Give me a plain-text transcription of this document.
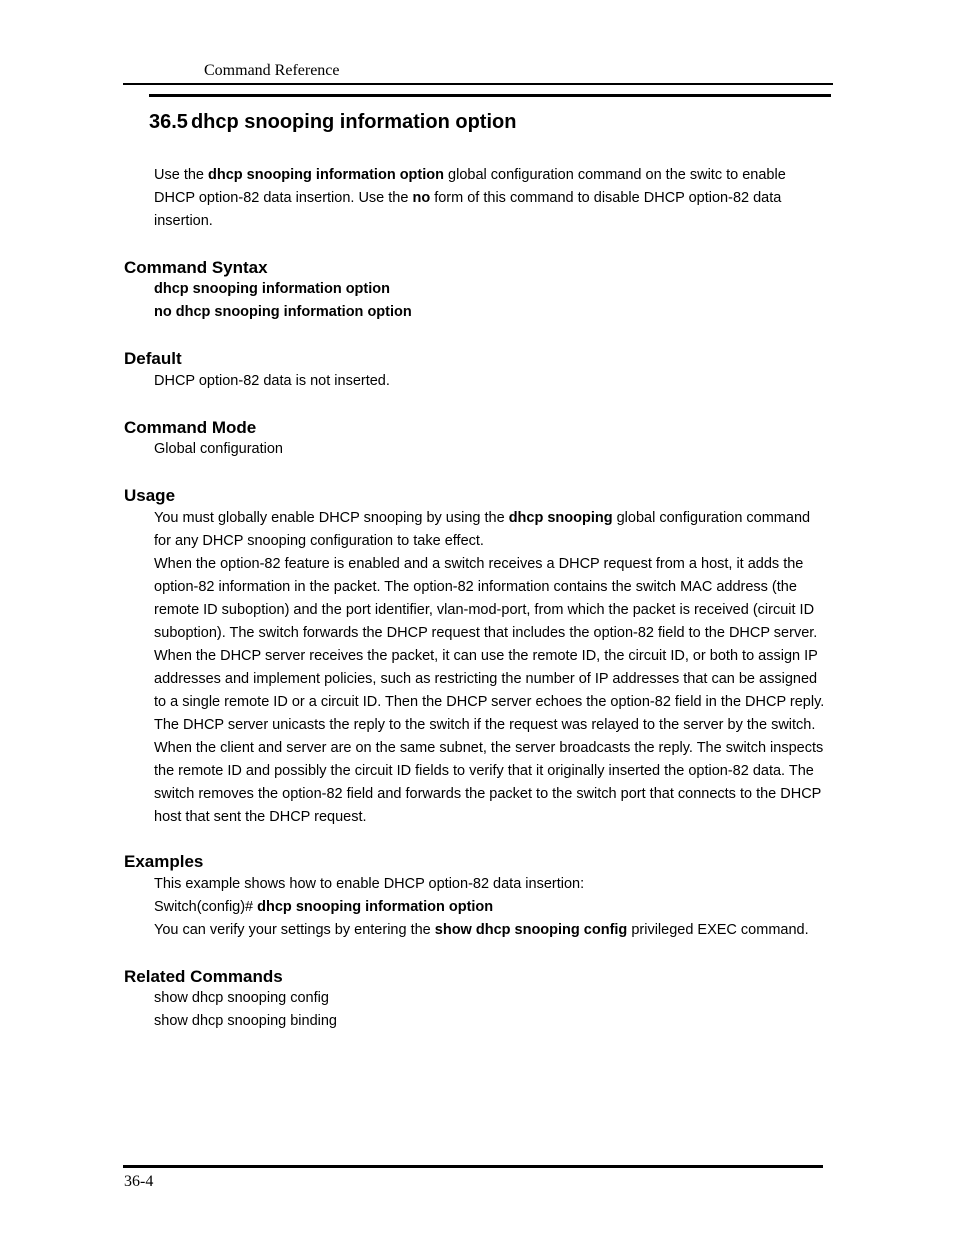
Command Reference
36.5 dhcp snooping information option

Use the dhcp snooping information option global configuration command on the switc to enable DHCP option-82 data insertion. Use the no form of this command to disable DHCP option-82 data insertion.

Command Syntax
dhcp snooping information option
no dhcp snooping information option
Default
DHCP option-82 data is not inserted.
Command Mode
Global configuration
Usage
You must globally enable DHCP snooping by using the dhcp snooping global configuration command
for any DHCP snooping configuration to take effect.
When the option-82 feature is enabled and a switch receives a DHCP request from a host, it adds the
option-82 information in the packet. The option-82 information contains the switch MAC address (the
remote ID suboption) and the port identifier, vlan-mod-port, from which the packet is received (circuit ID
suboption). The switch forwards the DHCP request that includes the option-82 field to the DHCP server.
When the DHCP server receives the packet, it can use the remote ID, the circuit ID, or both to assign IP
addresses and implement policies, such as restricting the number of IP addresses that can be assigned
to a single remote ID or a circuit ID. Then the DHCP server echoes the option-82 field in the DHCP reply.
The DHCP server unicasts the reply to the switch if the request was relayed to the server by the switch.
When the client and server are on the same subnet, the server broadcasts the reply. The switch inspects
the remote ID and possibly the circuit ID fields to verify that it originally inserted the option-82 data. The
switch removes the option-82 field and forwards the packet to the switch port that connects to the DHCP
host that sent the DHCP request.
Examples
This example shows how to enable DHCP option-82 data insertion:
Switch(config)# dhcp snooping information option
You can verify your settings by entering the show dhcp snooping config privileged EXEC command.
Related Commands
show dhcp snooping config
show dhcp snooping binding
36-4
